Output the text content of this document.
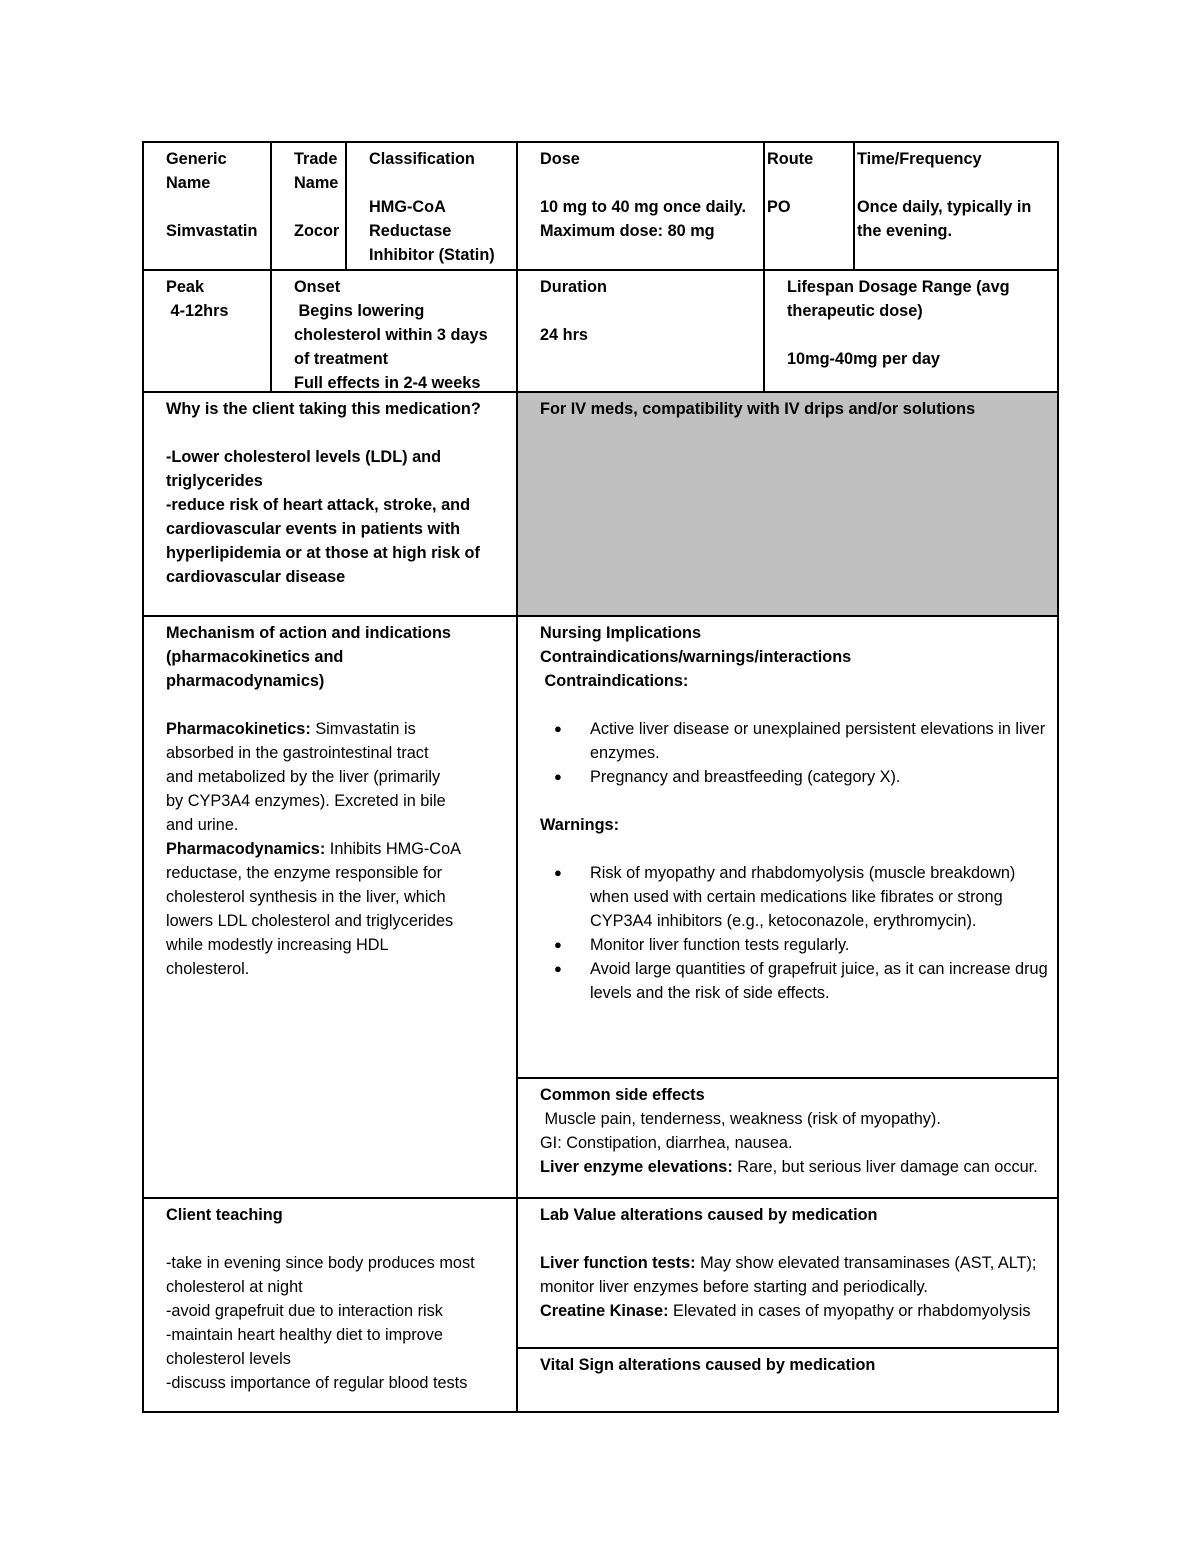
Generic
Name
Simvastatin
Trade
Name
Zocor
Classification
HMG-CoA
Reductase
Inhibitor (Statin)
Dose
10 mg to 40 mg once daily.
Maximum dose: 80 mg
Route
PO
Time/Frequency
Once daily, typically in
the evening.
Peak
4-12hrs
Onset
Begins lowering
cholesterol within 3 days
of treatment
Full effects in 2-4 weeks
Duration
24 hrs
Lifespan Dosage Range (avg
therapeutic dose)
10mg-40mg per day
Why is the client taking this medication?
-Lower cholesterol levels (LDL) and
triglycerides
-reduce risk of heart attack, stroke, and
cardiovascular events in patients with
hyperlipidemia or at those at high risk of
cardiovascular disease
For IV meds, compatibility with IV drips and/or solutions
Mechanism of action and indications
(pharmacokinetics and
pharmacodynamics)
Pharmacokinetics: Simvastatin is
absorbed in the gastrointestinal tract
and metabolized by the liver (primarily
by CYP3A4 enzymes). Excreted in bile
and urine.
Pharmacodynamics: Inhibits HMG-CoA
reductase, the enzyme responsible for
cholesterol synthesis in the liver, which
lowers LDL cholesterol and triglycerides
while modestly increasing HDL
cholesterol.
Nursing Implications
Contraindications/warnings/interactions
Contraindications:
● Active liver disease or unexplained persistent elevations in liver enzymes.
● Pregnancy and breastfeeding (category X).
Warnings:
● Risk of myopathy and rhabdomyolysis (muscle breakdown) when used with certain medications like fibrates or strong CYP3A4 inhibitors (e.g., ketoconazole, erythromycin).
● Monitor liver function tests regularly.
● Avoid large quantities of grapefruit juice, as it can increase drug levels and the risk of side effects.
Common side effects
Muscle pain, tenderness, weakness (risk of myopathy).
GI: Constipation, diarrhea, nausea.
Liver enzyme elevations: Rare, but serious liver damage can occur.
Client teaching
-take in evening since body produces most
cholesterol at night
-avoid grapefruit due to interaction risk
-maintain heart healthy diet to improve
cholesterol levels
-discuss importance of regular blood tests
Lab Value alterations caused by medication
Liver function tests: May show elevated transaminases (AST, ALT); monitor liver enzymes before starting and periodically.
Creatine Kinase: Elevated in cases of myopathy or rhabdomyolysis
Vital Sign alterations caused by medication
